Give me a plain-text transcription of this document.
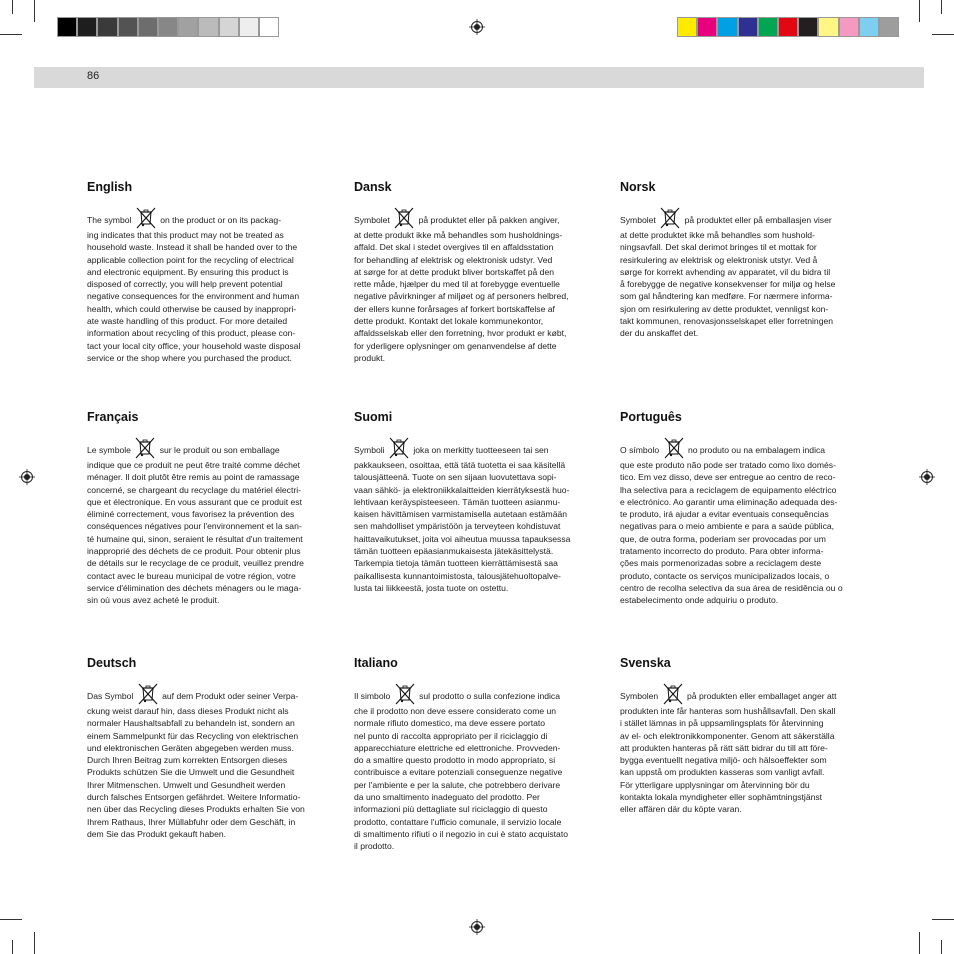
86
English

The symbol	on the product or on its packag-
ing indicates that this product may not be treated as
household waste. Instead it shall be handed over to the
applicable collection point for the recycling of electrical
and electronic equipment. By ensuring this product is
disposed of correctly, you will help prevent potential
negative consequences for the environment and human
health, which could otherwise be caused by inappropri-
ate waste handling of this product. For more detailed
information about recycling of this product, please con-
tact your local city office, your household waste disposal
service or the shop where you purchased the product.

Dansk

Symbolet	på produktet eller på pakken angiver,
at dette produkt ikke må behandles som husholdnings-
affald. Det skal i stedet overgives til en affaldsstation
for behandling af elektrisk og elektronisk udstyr. Ved
at sørge for at dette produkt bliver bortskaffet på den
rette måde, hjælper du med til at forebygge eventuelle
negative påvirkninger af miljøet og af personers helbred,
der ellers kunne forårsages af forkert bortskaffelse af
dette produkt. Kontakt det lokale kommunekontor,
affaldsselskab eller den forretning, hvor produkt er købt,
for yderligere oplysninger om genanvendelse af dette
produkt.

Norsk

Symbolet	på produktet eller på emballasjen viser
at dette produktet ikke må behandles som hushold-
ningsavfall. Det skal derimot bringes til et mottak for
resirkulering av elektrisk og elektronisk utstyr. Ved å
sørge for korrekt avhending av apparatet, vil du bidra til
å forebygge de negative konsekvenser for miljø og helse
som gal håndtering kan medføre. For nærmere informa-
sjon om resirkulering av dette produktet, vennligst kon-
takt kommunen, renovasjonsselskapet eller forretningen
der du anskaffet det.

Français

Le symbole	sur le produit ou son emballage
indique que ce produit ne peut être traité comme déchet
ménager. Il doit plutôt être remis au point de ramassage
concerné, se chargeant du recyclage du matériel électri-
que et électronique. En vous assurant que ce produit est
éliminé correctement, vous favorisez la prévention des
conséquences négatives pour l'environnement et la san-
té humaine qui, sinon, seraient le résultat d'un traitement
inapproprié des déchets de ce produit. Pour obtenir plus
de détails sur le recyclage de ce produit, veuillez prendre
contact avec le bureau municipal de votre région, votre
service d'élimination des déchets ménagers ou le maga-
sin où vous avez acheté le produit.

Suomi

Symboli	joka on merkitty tuotteeseen tai sen
pakkaukseen, osoittaa, että tätä tuotetta ei saa käsitellä
talousjätteenä. Tuote on sen sijaan luovutettava sopi-
vaan sähkö- ja elektroniikkalaitteiden kierrätyksestä huo-
lehtivaan keräyspisteeseen. Tämän tuotteen asianmu-
kaisen hävittämisen varmistamisella autetaan estämään
sen mahdolliset ympäristöön ja terveyteen kohdistuvat
haittavaikutukset, joita voi aiheutua muussa tapauksessa
tämän tuotteen epäasianmukaisesta jätekäsittelystä.
Tarkempia tietoja tämän tuotteen kierrättämisestä saa
paikallisesta kunnantoimistosta, talousjätehuoltopalve-
lusta tai liikkeestä, josta tuote on ostettu.

Português

O símbolo	no produto ou na embalagem indica
que este produto não pode ser tratado como lixo domés-
tico. Em vez disso, deve ser entregue ao centro de reco-
lha selectiva para a reciclagem de equipamento eléctrico
e electrónico. Ao garantir uma eliminação adequada des-
te produto, irá ajudar a evitar eventuais consequências
negativas para o meio ambiente e para a saúde pública,
que, de outra forma, poderiam ser provocadas por um
tratamento incorrecto do produto. Para obter informa-
ções mais pormenorizadas sobre a reciclagem deste
produto, contacte os serviços municipalizados locais, o
centro de recolha selectiva da sua área de residência ou o
estabelecimento onde adquiriu o produto.

Deutsch

Das Symbol	auf dem Produkt oder seiner Verpa-
ckung weist darauf hin, dass dieses Produkt nicht als
normaler Haushaltsabfall zu behandeln ist, sondern an
einem Sammelpunkt für das Recycling von elektrischen
und elektronischen Geräten abgegeben werden muss.
Durch Ihren Beitrag zum korrekten Entsorgen dieses
Produkts schützen Sie die Umwelt und die Gesundheit
Ihrer Mitmenschen. Umwelt und Gesundheit werden
durch falsches Entsorgen gefährdet. Weitere Informatio-
nen über das Recycling dieses Produkts erhalten Sie von
Ihrem Rathaus, Ihrer Müllabfuhr oder dem Geschäft, in
dem Sie das Produkt gekauft haben.

Italiano

Il simbolo	sul prodotto o sulla confezione indica
che il prodotto non deve essere considerato come un
normale rifiuto domestico, ma deve essere portato
nel punto di raccolta appropriato per il riciclaggio di
apparecchiature elettriche ed elettroniche. Provveden-
do a smaltire questo prodotto in modo appropriato, si
contribuisce a evitare potenziali conseguenze negative
per l'ambiente e per la salute, che potrebbero derivare
da uno smaltimento inadeguato del prodotto. Per
informazioni più dettagliate sul riciclaggio di questo
prodotto, contattare l'ufficio comunale, il servizio locale
di smaltimento rifiuti o il negozio in cui è stato acquistato
il prodotto.

Svenska

Symbolen	på produkten eller emballaget anger att
produkten inte får hanteras som hushållsavfall. Den skall
i stället lämnas in på uppsamlingsplats för återvinning
av el- och elektronikkomponenter. Genom att säkerställa
att produkten hanteras på rätt sätt bidrar du till att före-
bygga eventuellt negativa miljö- och hälsoeffekter som
kan uppstå om produkten kasseras som vanligt avfall.
För ytterligare upplysningar om återvinning bör du
kontakta lokala myndigheter eller sophämtningstjänst
eller affären där du köpte varan.
